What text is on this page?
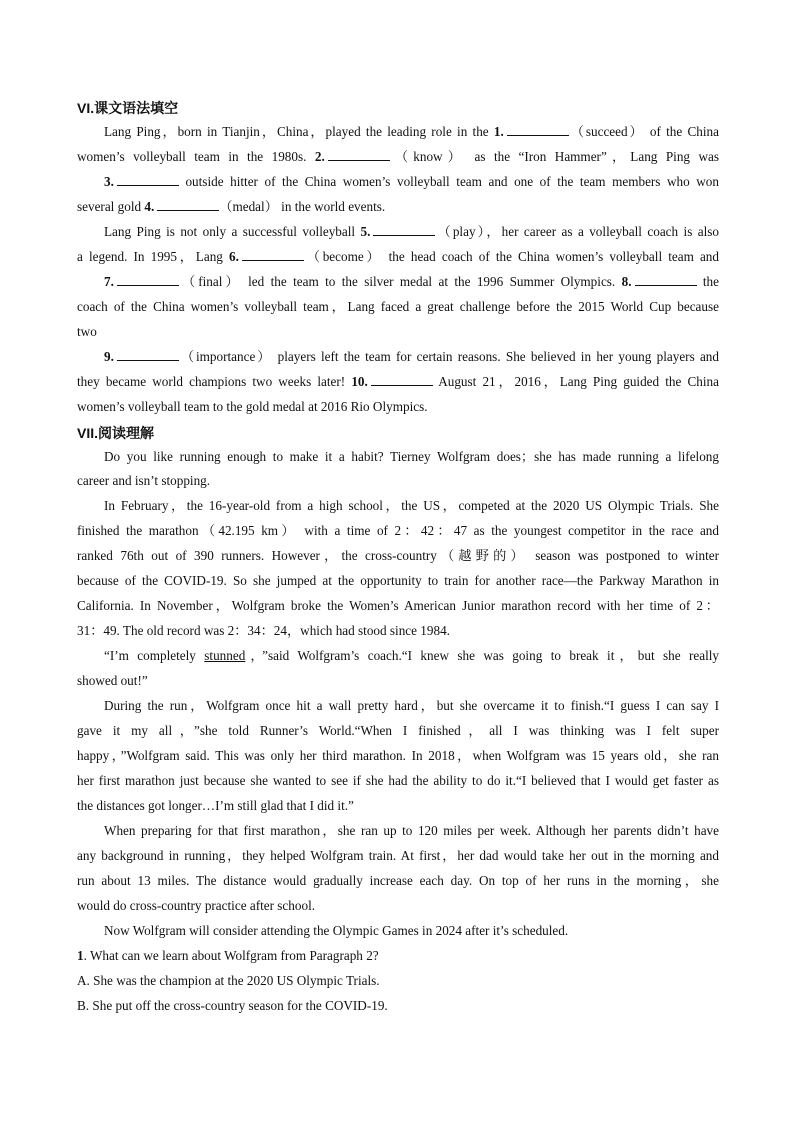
VI.课文语法填空
Lang Ping，born in Tianjin，China，played the leading role in the 1.	（succeed） of the China
women’s volleyball team in the 1980s. 2.	（know） as the “Iron Hammer”，Lang Ping was
3.	outside hitter of the China women’s volleyball team and one of the team members who won
several gold 4.	（medal） in the world events.
Lang Ping is not only a successful volleyball 5.	（play），her career as a volleyball coach is also
a legend. In 1995，Lang 6.	（become） the head coach of the China women’s volleyball team and
7.	（final） led the team to the silver medal at the 1996 Summer Olympics. 8.	the
coach of the China women’s volleyball team，Lang faced a great challenge before the 2015 World Cup because
two
9.	（importance） players left the team for certain reasons. She believed in her young players and
they became world champions two weeks later! 10.	August 21，2016，Lang Ping guided the China
women’s volleyball team to the gold medal at 2016 Rio Olympics.
VII.阅读理解
Do you like running enough to make it a habit? Tierney Wolfgram does；she has made running a lifelong
career and isn’t stopping.
In February，the 16-year-old from a high school，the US，competed at the 2020 US Olympic Trials. She
finished the marathon（42.195 km） with a time of 2：42：47 as the youngest competitor in the race and
ranked 76th out of 390 runners. However，the cross-country（越野的） season was postponed to winter
because of the COVID-19. So she jumped at the opportunity to train for another race—the Parkway Marathon in
California. In November，Wolfgram broke the Women’s American Junior marathon record with her time of 2：
31：49. The old record was 2：34：24，which had stood since 1984.
“I’m completely stunned，”said Wolfgram’s coach.“I knew she was going to break it，but she really
showed out!”
During the run，Wolfgram once hit a wall pretty hard，but she overcame it to finish.“I guess I can say I
gave it my all，”she told Runner’s World.“When I finished，all I was thinking was I felt super
happy，”Wolfgram said. This was only her third marathon. In 2018，when Wolfgram was 15 years old，she ran
her first marathon just because she wanted to see if she had the ability to do it.“I believed that I would get faster as
the distances got longer…I’m still glad that I did it.”
When preparing for that first marathon，she ran up to 120 miles per week. Although her parents didn’t have
any background in running，they helped Wolfgram train. At first，her dad would take her out in the morning and
run about 13 miles. The distance would gradually increase each day. On top of her runs in the morning，she
would do cross-country practice after school.
Now Wolfgram will consider attending the Olympic Games in 2024 after it’s scheduled.
1. What can we learn about Wolfgram from Paragraph 2?
A. She was the champion at the 2020 US Olympic Trials.
B. She put off the cross-country season for the COVID-19.
